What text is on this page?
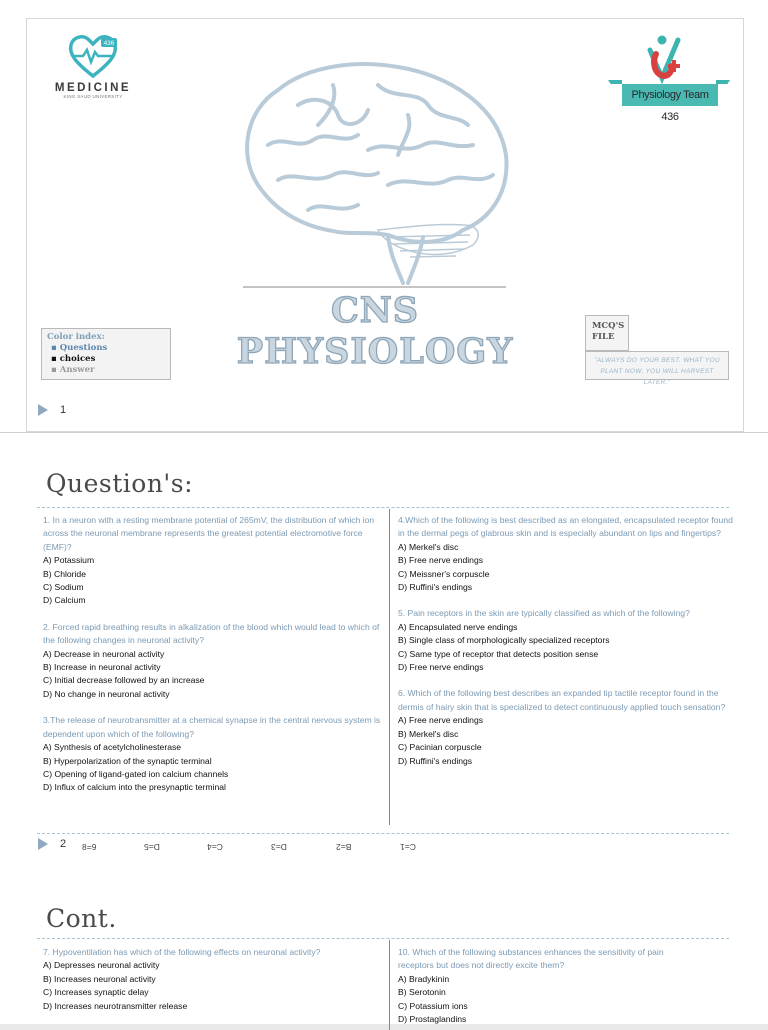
436
MEDICINE
KING SAUD UNIVERSITY	Physiology Team 436
CNS PHYSIOLOGY
Color index:
▪ Questions
▪ choices
▪ Answer
MCQ'S FILE
"ALWAYS DO YOUR BEST. WHAT YOU PLANT NOW, YOU WILL HARVEST LATER."
1
Question's:
1. In a neuron with a resting membrane potential of 265mV, the distribution of which ion across the neuronal membrane represents the greatest potential electromotive force (EMF)?
A) Potassium
B) Chloride
C) Sodium
D) Calcium
2. Forced rapid breathing results in alkalization of the blood which would lead to which of the following changes in neuronal activity?
A) Decrease in neuronal activity
B) Increase in neuronal activity
C) Initial decrease followed by an increase
D) No change in neuronal activity
3.The release of neurotransmitter at a chemical synapse in the central nervous system is dependent upon which of the following?
A) Synthesis of acetylcholinesterase
B) Hyperpolarization of the synaptic terminal
C) Opening of ligand-gated ion calcium channels
D) Influx of calcium into the presynaptic terminal
4.Which of the following is best described as an elongated, encapsulated receptor found in the dermal pegs of glabrous skin and is especially abundant on lips and fingertips?
A) Merkel's disc
B) Free nerve endings
C) Meissner's corpuscle
D) Ruffini's endings
5. Pain receptors in the skin are typically classified as which of the following?
A) Encapsulated nerve endings
B) Single class of morphologically specialized receptors
C) Same type of receptor that detects position sense
D) Free nerve endings
6. Which of the following best describes an expanded tip tactile receptor found in the dermis of hairy skin that is specialized to detect continuously applied touch sensation?
A) Free nerve endings
B) Merkel's disc
C) Pacinian corpuscle
D) Ruffini's endings
2 8=9	D=5	C=4	D=3	B=2	C=1
Cont.
7. Hypoventilation has which of the following effects on neuronal activity?
A) Depresses neuronal activity
B) Increases neuronal activity
C) Increases synaptic delay
D) Increases neurotransmitter release
10. Which of the following substances enhances the sensitivity of pain receptors but does not directly excite them?
A) Bradykinin
B) Serotonin
C) Potassium ions
D) Prostaglandins
